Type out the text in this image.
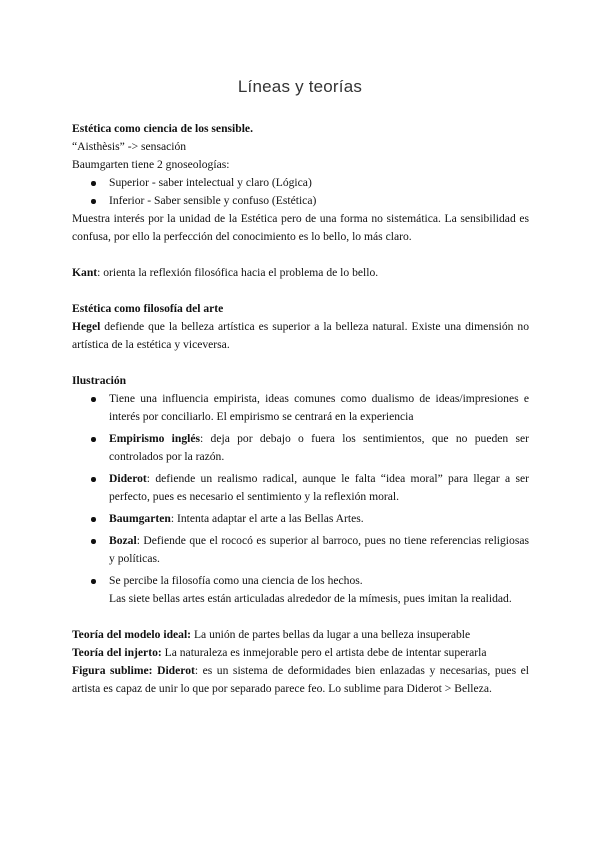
Líneas y teorías

Estética como ciencia de los sensible.

“Aisthèsis” -> sensación

Baumgarten tiene 2 gnoseologías:

Superior - saber intelectual y claro (Lógica)
Inferior - Saber sensible y confuso (Estética)

Muestra interés por la unidad de la Estética pero de una forma no sistemática. La sensibilidad es confusa, por ello la perfección del conocimiento es lo bello, lo más claro.

Kant: orienta la reflexión filosófica hacia el problema de lo bello.

Estética como filosofía del arte

Hegel defiende que la belleza artística es superior a la belleza natural. Existe una dimensión no artística de la estética y viceversa.

Ilustración

Tiene una influencia empirista, ideas comunes como dualismo de ideas/impresiones e interés por conciliarlo. El empirismo se centrará en la experiencia
Empirismo inglés: deja por debajo o fuera los sentimientos, que no pueden ser controlados por la razón.
Diderot: defiende un realismo radical, aunque le falta “idea moral” para llegar a ser perfecto, pues es necesario el sentimiento y la reflexión moral.
Baumgarten: Intenta adaptar el arte a las Bellas Artes.
Bozal: Defiende que el rococó es superior al barroco, pues no tiene referencias religiosas y políticas.
Se percibe la filosofía como una ciencia de los hechos.

Las siete bellas artes están articuladas alrededor de la mímesis, pues imitan la realidad.

Teoría del modelo ideal: La unión de partes bellas da lugar a una belleza insuperable

Teoría del injerto: La naturaleza es inmejorable pero el artista debe de intentar superarla

Figura sublime: Diderot: es un sistema de deformidades bien enlazadas y necesarias, pues el artista es capaz de unir lo que por separado parece feo. Lo sublime para Diderot > Belleza.
